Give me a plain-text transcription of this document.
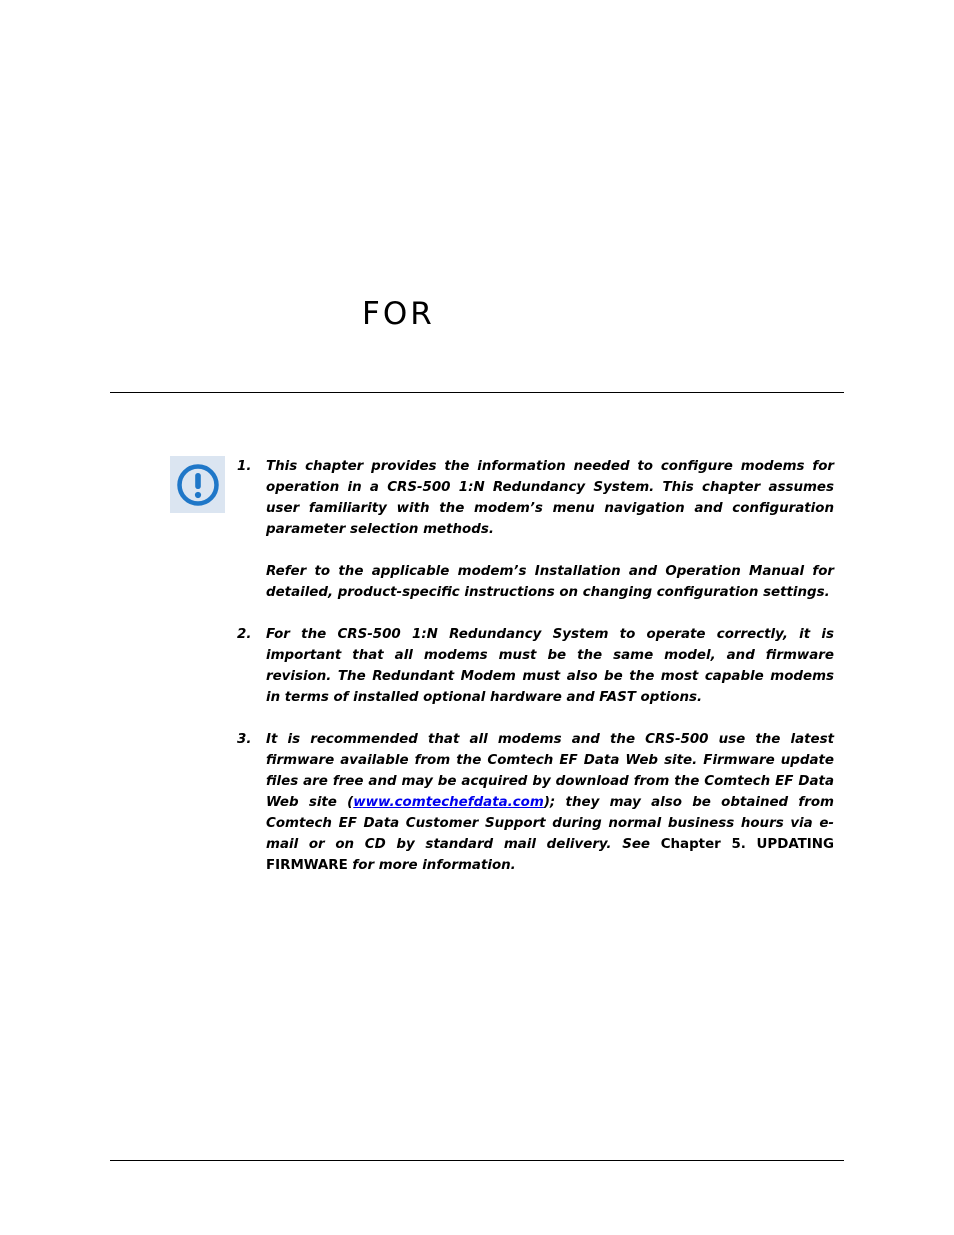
FOR
1. This chapter provides the information needed to configure modems for operation in a CRS-500 1:N Redundancy System. This chapter assumes user familiarity with the modem’s menu navigation and configuration parameter selection methods.

Refer to the applicable modem’s Installation and Operation Manual for detailed, product-specific instructions on changing configuration settings.

2. For the CRS-500 1:N Redundancy System to operate correctly, it is important that all modems must be the same model, and firmware revision. The Redundant Modem must also be the most capable modems in terms of installed optional hardware and FAST options.

3. It is recommended that all modems and the CRS-500 use the latest firmware available from the Comtech EF Data Web site. Firmware update files are free and may be acquired by download from the Comtech EF Data Web site (www.comtechefdata.com); they may also be obtained from Comtech EF Data Customer Support during normal business hours via e-mail or on CD by standard mail delivery. See Chapter 5. UPDATING FIRMWARE for more information.
